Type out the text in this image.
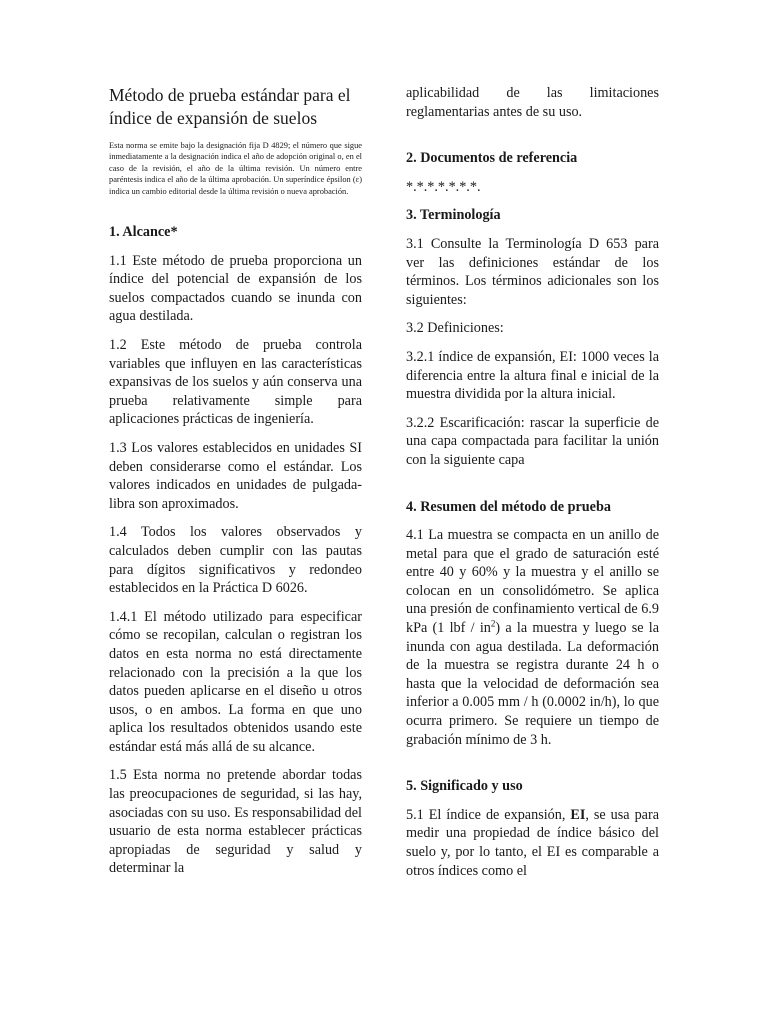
Método de prueba estándar para el índice de expansión de suelos

Esta norma se emite bajo la designación fija D 4829; el número que sigue inmediatamente a la designación indica el año de adopción original o, en el caso de la revisión, el año de la última revisión. Un número entre paréntesis indica el año de la última aprobación. Un superíndice épsilon (ε) indica un cambio editorial desde la última revisión o nueva aprobación.

1. Alcance*

1.1 Este método de prueba proporciona un índice del potencial de expansión de los suelos compactados cuando se inunda con agua destilada.

1.2 Este método de prueba controla variables que influyen en las características expansivas de los suelos y aún conserva una prueba relativamente simple para aplicaciones prácticas de ingeniería.

1.3 Los valores establecidos en unidades SI deben considerarse como el estándar. Los valores indicados en unidades de pulgada-libra son aproximados.

1.4 Todos los valores observados y calculados deben cumplir con las pautas para dígitos significativos y redondeo establecidos en la Práctica D 6026.

1.4.1 El método utilizado para especificar cómo se recopilan, calculan o registran los datos en esta norma no está directamente relacionado con la precisión a la que los datos pueden aplicarse en el diseño u otros usos, o en ambos. La forma en que uno aplica los resultados obtenidos usando este estándar está más allá de su alcance.

1.5 Esta norma no pretende abordar todas las preocupaciones de seguridad, si las hay, asociadas con su uso. Es responsabilidad del usuario de esta norma establecer prácticas apropiadas de seguridad y salud y determinar la

aplicabilidad de las limitaciones reglamentarias antes de su uso.

2. Documentos de referencia
*.*.*.*.*.*.*.
3. Terminología

3.1 Consulte la Terminología D 653 para ver las definiciones estándar de los términos. Los términos adicionales son los siguientes:

3.2 Definiciones:

3.2.1 índice de expansión, EI: 1000 veces la diferencia entre la altura final e inicial de la muestra dividida por la altura inicial.

3.2.2 Escarificación: rascar la superficie de una capa compactada para facilitar la unión con la siguiente capa

4. Resumen del método de prueba

4.1 La muestra se compacta en un anillo de metal para que el grado de saturación esté entre 40 y 60% y la muestra y el anillo se colocan en un consolidómetro. Se aplica una presión de confinamiento vertical de 6.9 kPa (1 lbf / $in^2$) a la muestra y luego se la inunda con agua destilada. La deformación de la muestra se registra durante 24 h o hasta que la velocidad de deformación sea inferior a 0.005 mm / h (0.0002 in/h), lo que ocurra primero. Se requiere un tiempo de grabación mínimo de 3 h.

5. Significado y uso

5.1 El índice de expansión, EI, se usa para medir una propiedad de índice básico del suelo y, por lo tanto, el EI es comparable a otros índices como el
